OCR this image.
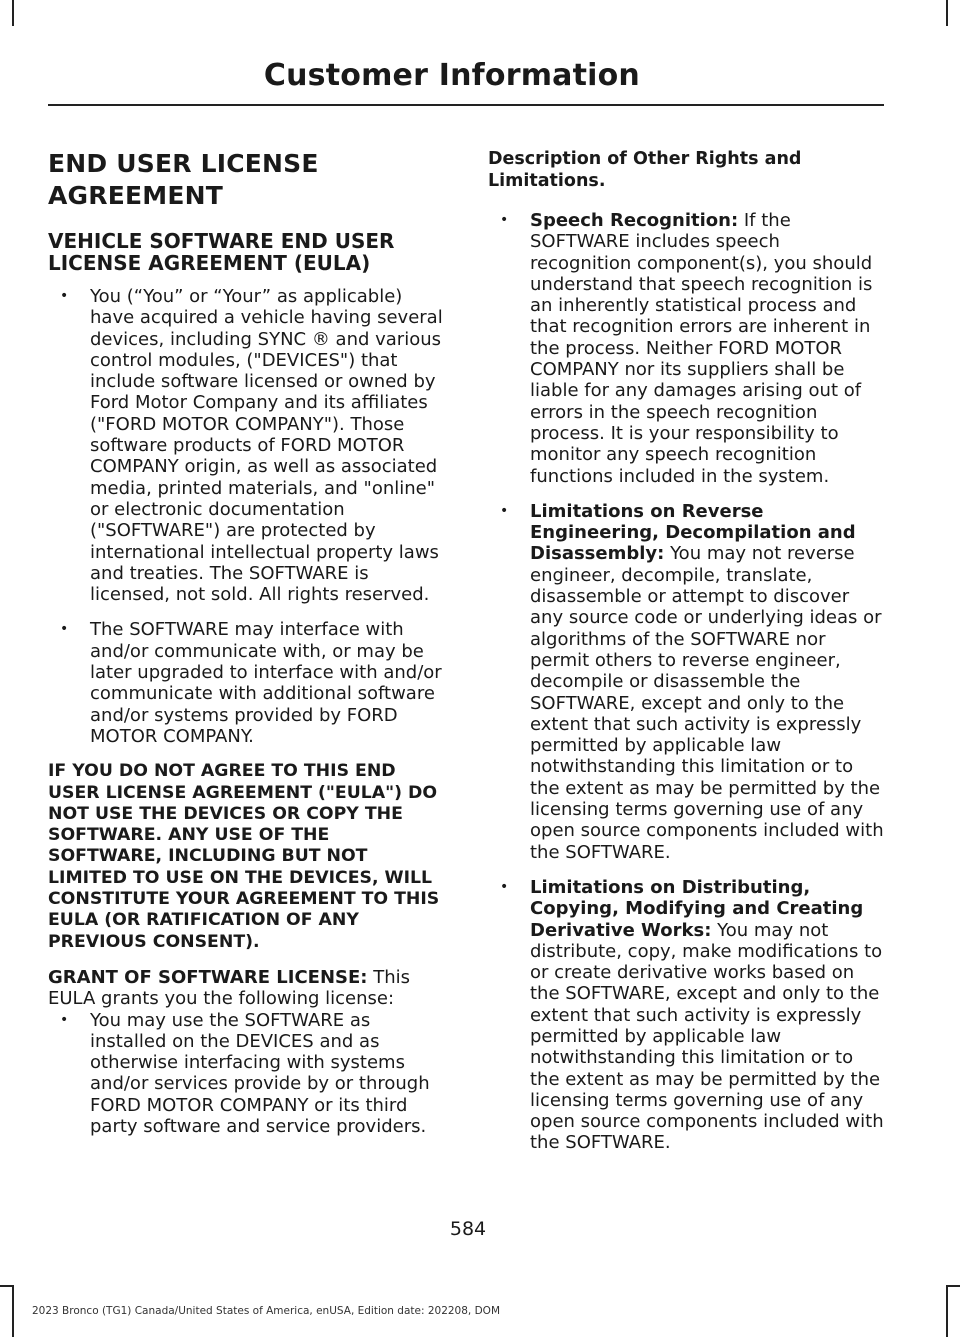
Customer Information
END USER LICENSE
AGREEMENT
VEHICLE SOFTWARE END USER LICENSE AGREEMENT (EULA)
• You (“You” or “Your” as applicable) have acquired a vehicle having several devices, including SYNC ® and various control modules, ("DEVICES") that include software licensed or owned by Ford Motor Company and its affiliates ("FORD MOTOR COMPANY"). Those software products of FORD MOTOR COMPANY origin, as well as associated media, printed materials, and "online" or electronic documentation ("SOFTWARE") are protected by international intellectual property laws and treaties. The SOFTWARE is licensed, not sold. All rights reserved.
• The SOFTWARE may interface with and/or communicate with, or may be later upgraded to interface with and/or communicate with additional software and/or systems provided by FORD MOTOR COMPANY.

IF YOU DO NOT AGREE TO THIS END USER LICENSE AGREEMENT ("EULA") DO NOT USE THE DEVICES OR COPY THE SOFTWARE. ANY USE OF THE SOFTWARE, INCLUDING BUT NOT LIMITED TO USE ON THE DEVICES, WILL CONSTITUTE YOUR AGREEMENT TO THIS EULA (OR RATIFICATION OF ANY PREVIOUS CONSENT).

GRANT OF SOFTWARE LICENSE: This EULA grants you the following license:

• You may use the SOFTWARE as installed on the DEVICES and as otherwise interfacing with systems and/or services provide by or through FORD MOTOR COMPANY or its third party software and service providers.

Description of Other Rights and Limitations.

• Speech Recognition: If the SOFTWARE includes speech recognition component(s), you should understand that speech recognition is an inherently statistical process and that recognition errors are inherent in the process. Neither FORD MOTOR COMPANY nor its suppliers shall be liable for any damages arising out of errors in the speech recognition process. It is your responsibility to monitor any speech recognition functions included in the system.
• Limitations on Reverse Engineering, Decompilation and Disassembly: You may not reverse engineer, decompile, translate, disassemble or attempt to discover any source code or underlying ideas or algorithms of the SOFTWARE nor permit others to reverse engineer, decompile or disassemble the SOFTWARE, except and only to the extent that such activity is expressly permitted by applicable law notwithstanding this limitation or to the extent as may be permitted by the licensing terms governing use of any open source components included with the SOFTWARE.
• Limitations on Distributing, Copying, Modifying and Creating Derivative Works: You may not distribute, copy, make modifications to or create derivative works based on the SOFTWARE, except and only to the extent that such activity is expressly permitted by applicable law notwithstanding this limitation or to the extent as may be permitted by the licensing terms governing use of any open source components included with the SOFTWARE.
584
2023 Bronco (TG1) Canada/United States of America, enUSA, Edition date: 202208, DOM
